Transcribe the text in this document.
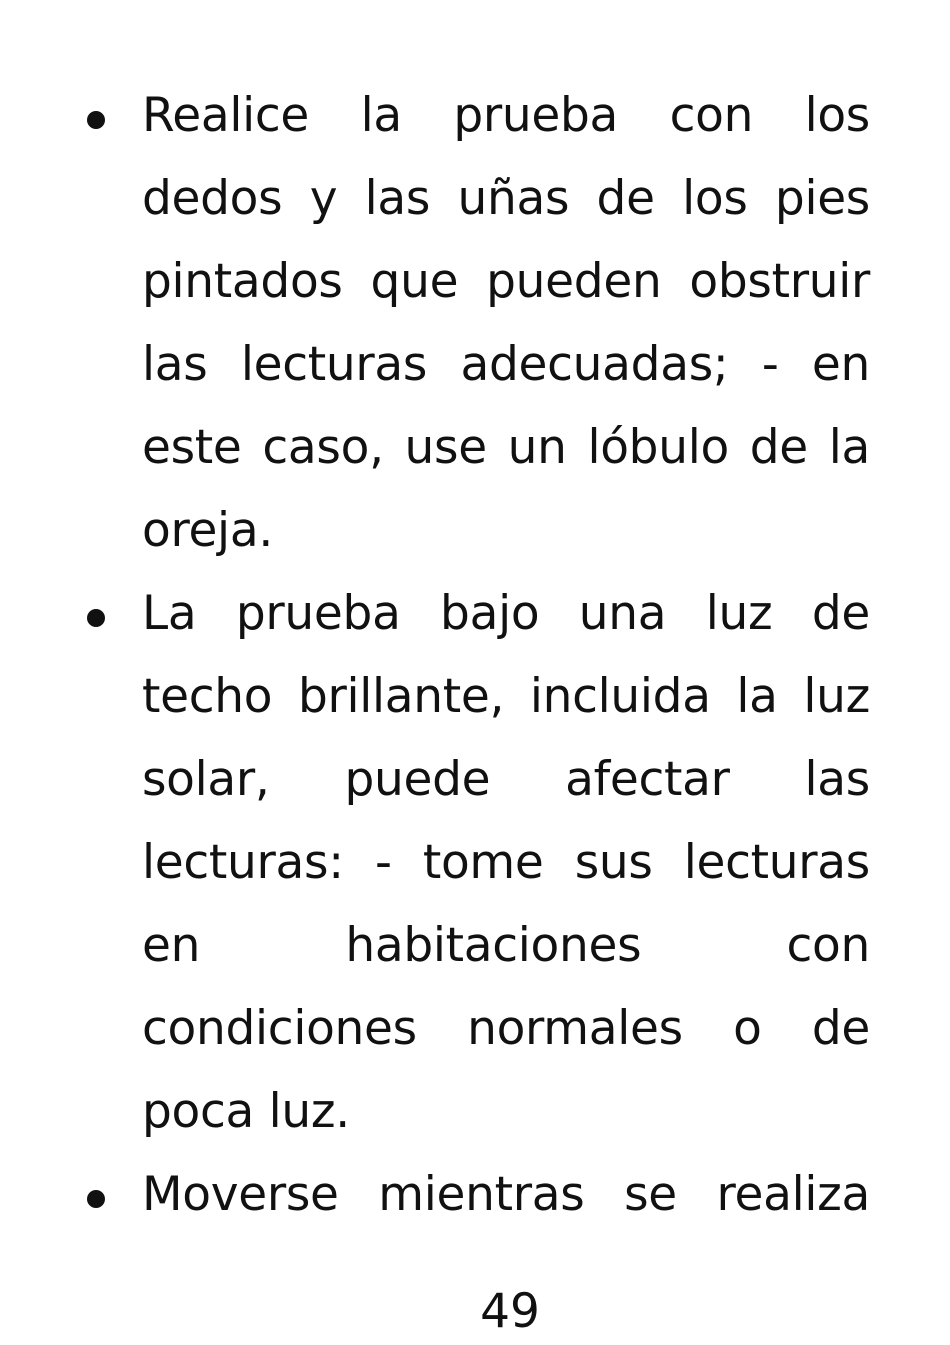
Realice la prueba con los dedos y las uñas de los pies pintados que pueden obstruir las lecturas adecuadas; - en este caso, use un lóbulo de la oreja.
La prueba bajo una luz de techo brillante, incluida la luz solar, puede afectar las lecturas: - tome sus lecturas en habitaciones con condiciones normales o de poca luz.
Moverse mientras se realiza
49
